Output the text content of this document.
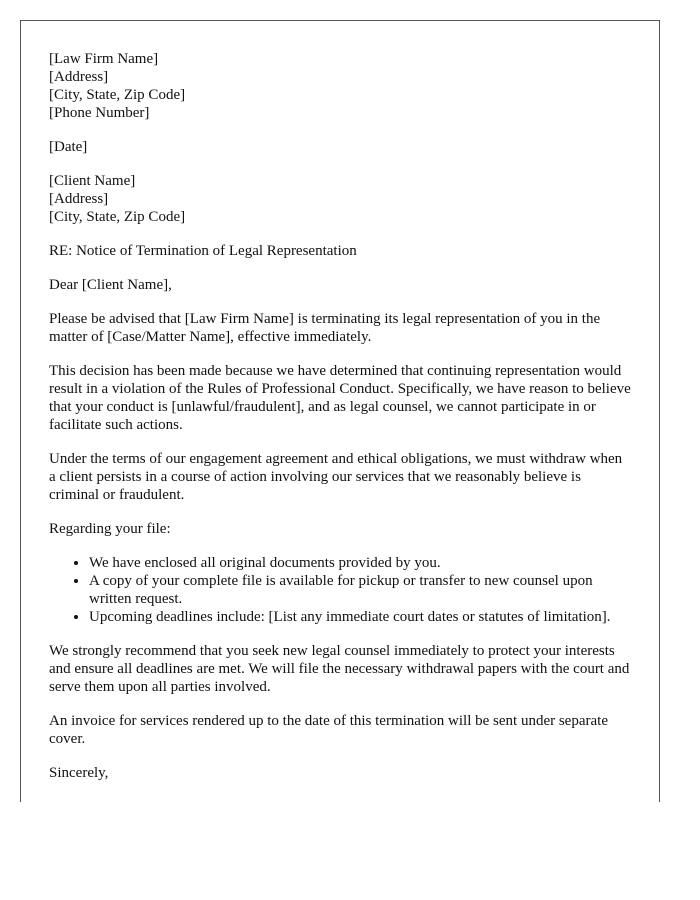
[Law Firm Name]
[Address]
[City, State, Zip Code]
[Phone Number]
[Date]
[Client Name]
[Address]
[City, State, Zip Code]

RE: Notice of Termination of Legal Representation

Dear [Client Name],

Please be advised that [Law Firm Name] is terminating its legal representation of you in the matter of [Case/Matter Name], effective immediately.

This decision has been made because we have determined that continuing representation would result in a violation of the Rules of Professional Conduct. Specifically, we have reason to believe that your conduct is [unlawful/fraudulent], and as legal counsel, we cannot participate in or facilitate such actions.

Under the terms of our engagement agreement and ethical obligations, we must withdraw when a client persists in a course of action involving our services that we reasonably believe is criminal or fraudulent.

Regarding your file:

• We have enclosed all original documents provided by you.
• A copy of your complete file is available for pickup or transfer to new counsel upon written request.
• Upcoming deadlines include: [List any immediate court dates or statutes of limitation].

We strongly recommend that you seek new legal counsel immediately to protect your interests and ensure all deadlines are met. We will file the necessary withdrawal papers with the court and serve them upon all parties involved.

An invoice for services rendered up to the date of this termination will be sent under separate cover.

Sincerely,
